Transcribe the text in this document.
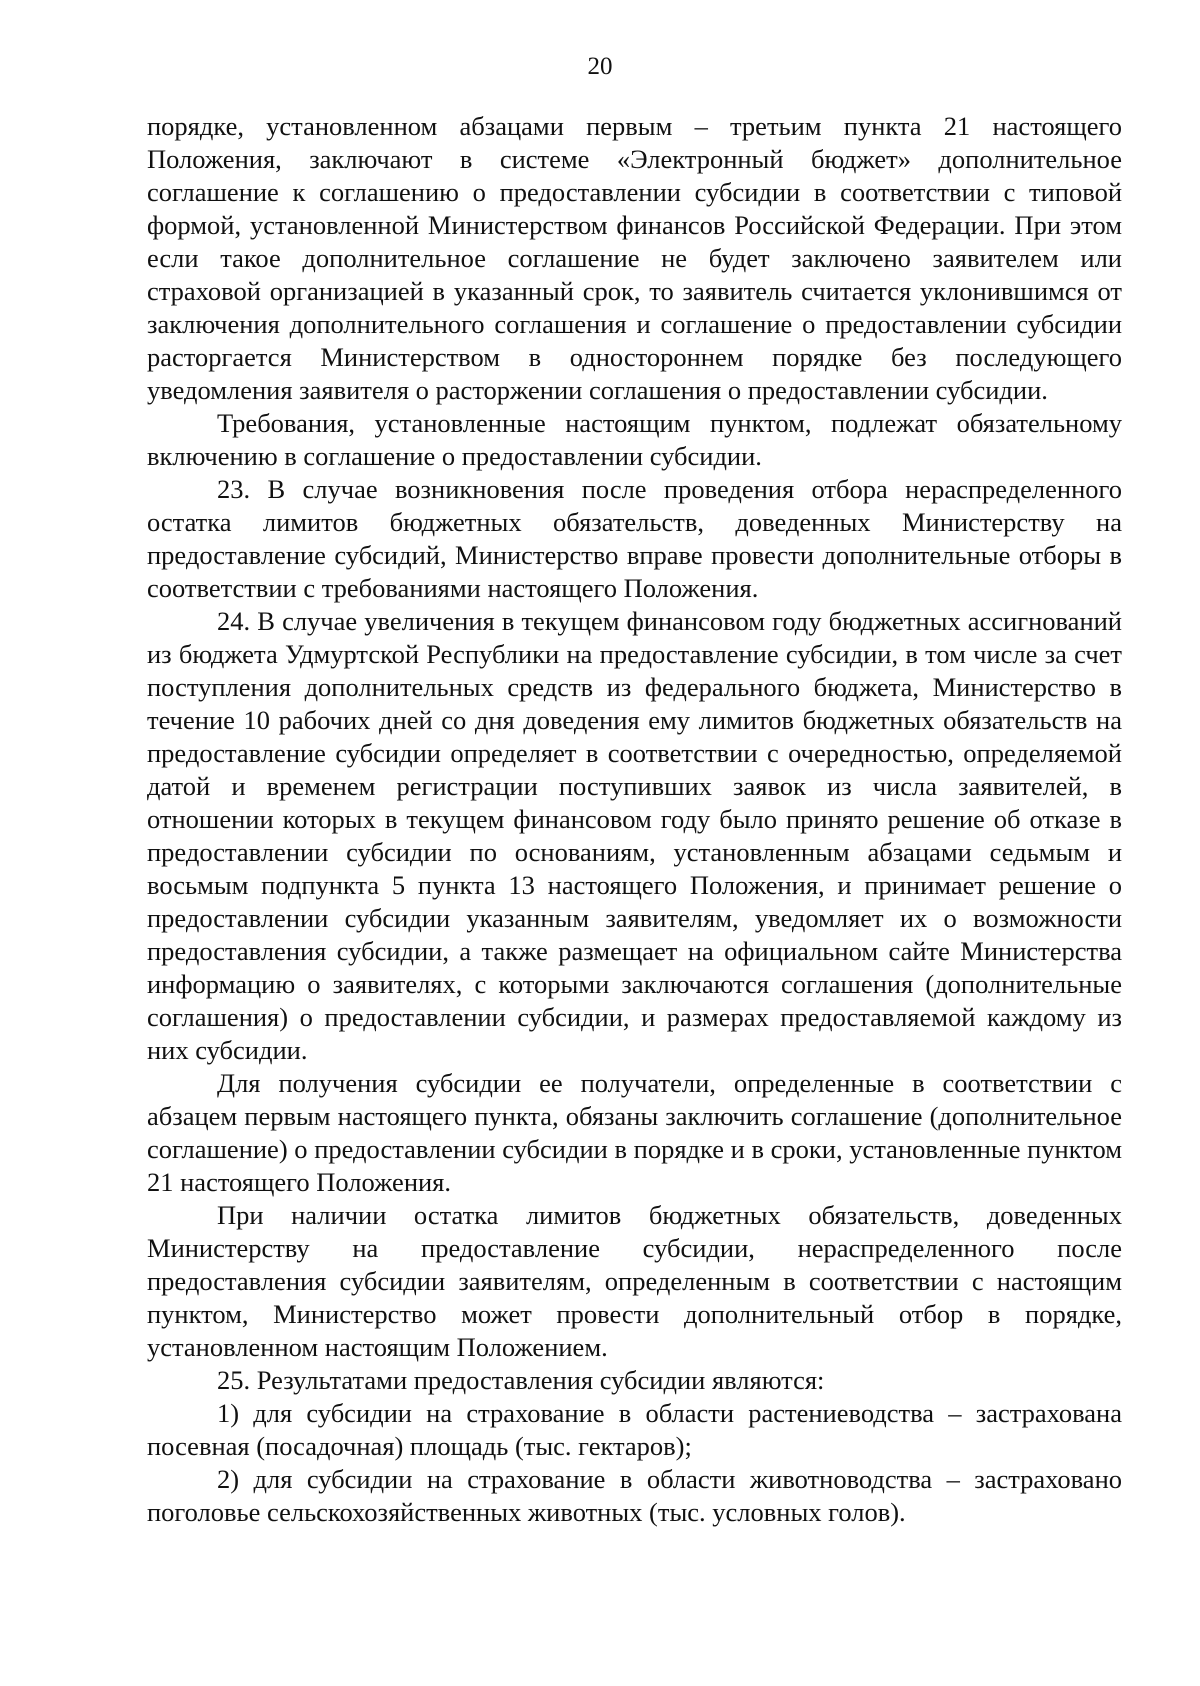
20

порядке, установленном абзацами первым – третьим пункта 21 настоящего Положения, заключают в системе «Электронный бюджет» дополнительное соглашение к соглашению о предоставлении субсидии в соответствии с типовой формой, установленной Министерством финансов Российской Федерации. При этом если такое дополнительное соглашение не будет заключено заявителем или страховой организацией в указанный срок, то заявитель считается уклонившимся от заключения дополнительного соглашения и соглашение о предоставлении субсидии расторгается Министерством в одностороннем порядке без последующего уведомления заявителя о расторжении соглашения о предоставлении субсидии.

Требования, установленные настоящим пунктом, подлежат обязательному включению в соглашение о предоставлении субсидии.

23. В случае возникновения после проведения отбора нераспределенного остатка лимитов бюджетных обязательств, доведенных Министерству на предоставление субсидий, Министерство вправе провести дополнительные отборы в соответствии с требованиями настоящего Положения.

24. В случае увеличения в текущем финансовом году бюджетных ассигнований из бюджета Удмуртской Республики на предоставление субсидии, в том числе за счет поступления дополнительных средств из федерального бюджета, Министерство в течение 10 рабочих дней со дня доведения ему лимитов бюджетных обязательств на предоставление субсидии определяет в соответствии с очередностью, определяемой датой и временем регистрации поступивших заявок из числа заявителей, в отношении которых в текущем финансовом году было принято решение об отказе в предоставлении субсидии по основаниям, установленным абзацами седьмым и восьмым подпункта 5 пункта 13 настоящего Положения, и принимает решение о предоставлении субсидии указанным заявителям, уведомляет их о возможности предоставления субсидии, а также размещает на официальном сайте Министерства информацию о заявителях, с которыми заключаются соглашения (дополнительные соглашения) о предоставлении субсидии, и размерах предоставляемой каждому из них субсидии.

Для получения субсидии ее получатели, определенные в соответствии с абзацем первым настоящего пункта, обязаны заключить соглашение (дополнительное соглашение) о предоставлении субсидии в порядке и в сроки, установленные пунктом 21 настоящего Положения.

При наличии остатка лимитов бюджетных обязательств, доведенных Министерству на предоставление субсидии, нераспределенного после предоставления субсидии заявителям, определенным в соответствии с настоящим пунктом, Министерство может провести дополнительный отбор в порядке, установленном настоящим Положением.

25. Результатами предоставления субсидии являются:

1) для субсидии на страхование в области растениеводства – застрахована посевная (посадочная) площадь (тыс. гектаров);

2) для субсидии на страхование в области животноводства – застраховано поголовье сельскохозяйственных животных (тыс. условных голов).
